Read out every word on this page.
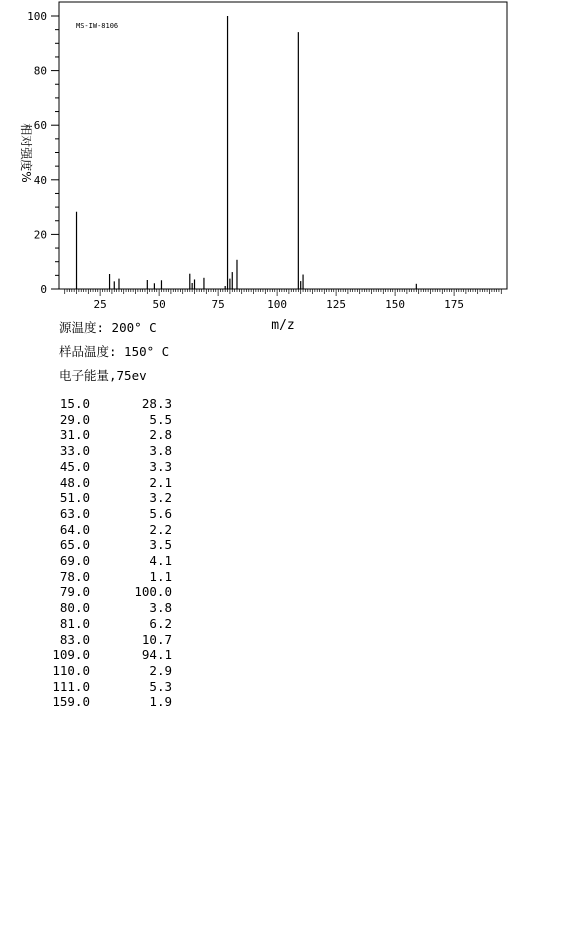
MS-IW-8106
0
20
40
60
80
100
25	50	75	100	125	150	175
相对强度%
m/z
源温度: 200° C
样品温度: 150° C
电子能量,75ev
15.0	28.3
29.0	5.5
31.0	2.8
33.0	3.8
45.0	3.3
48.0	2.1
51.0	3.2
63.0	5.6
64.0	2.2
65.0	3.5
69.0	4.1
78.0	1.1
79.0	100.0
80.0	3.8
81.0	6.2
83.0	10.7
109.0	94.1
110.0	2.9
111.0	5.3
159.0	1.9
